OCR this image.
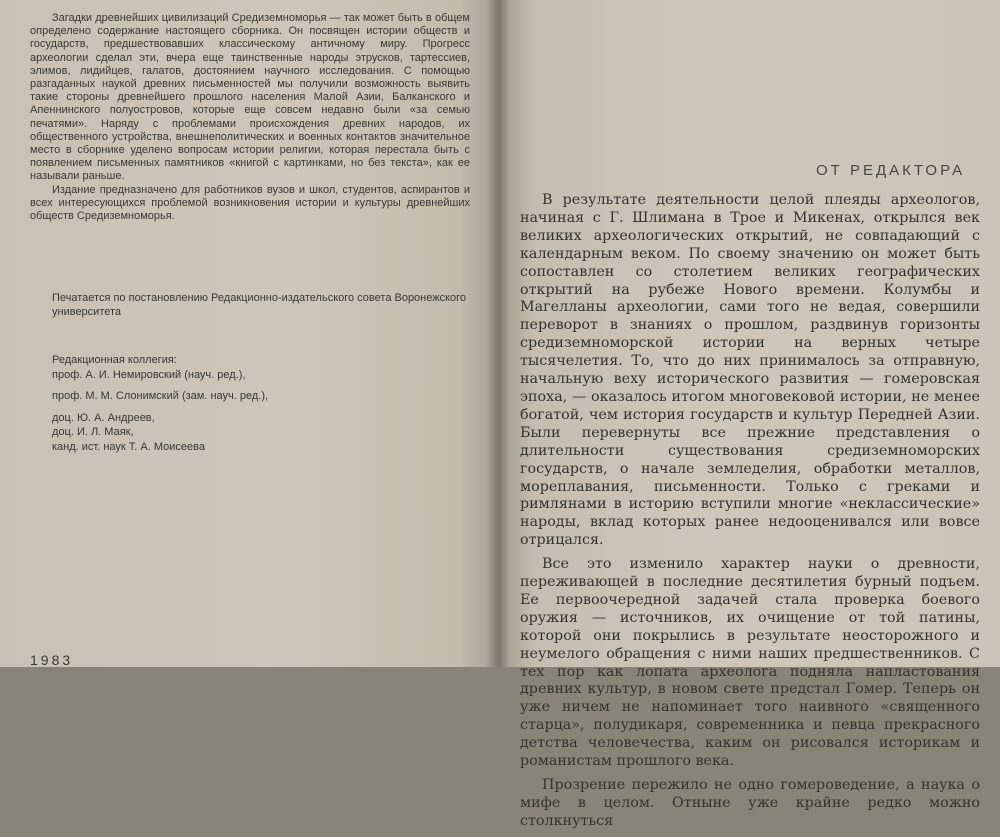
Загадки древнейших цивилизаций Средиземноморья — так может быть в общем определено содержание настоящего сборника. Он посвящен истории обществ и государств, предшествовавших классическому античному миру. Прогресс археологии сделал эти, вчера еще таинственные народы этрусков, тартессиев, элимов, лидийцев, галатов, достоянием научного исследования. С помощью разгаданных наукой древних письменностей мы получили возможность выявить такие стороны древнейшего прошлого населения Малой Азии, Балканского и Апеннинского полуостровов, которые еще совсем недавно были «за семью печатями». Наряду с проблемами происхождения древних народов, их общественного устройства, внешнеполитических и военных контактов значительное место в сборнике уделено вопросам истории религии, которая перестала быть с появлением письменных памятников «книгой с картинками, но без текста», как ее называли раньше.

Издание предназначено для работников вузов и школ, студентов, аспирантов и всех интересующихся проблемой возникновения истории и культуры древнейших обществ Средиземноморья.

Печатается по постановлению Редакционно-издательского совета Воронежского университета

Редакционная коллегия:
проф. А. И. Немировский (науч. ред.),
проф. М. М. Слонимский (зам. науч. ред.),
доц. Ю. А. Андреев,
доц. И. Л. Маяк,
канд. ист. наук Т. А. Моисеева
1983
ОТ РЕДАКТОРА

В результате деятельности целой плеяды археологов, начиная с Г. Шлимана в Трое и Микенах, открылся век великих археологических открытий, не совпадающий с календарным веком. По своему значению он может быть сопоставлен со столетием великих географических открытий на рубеже Нового времени. Колумбы и Магелланы археологии, сами того не ведая, совершили переворот в знаниях о прошлом, раздвинув горизонты средиземноморской истории на верных четыре тысячелетия. То, что до них принималось за отправную, начальную веху исторического развития — гомеровская эпоха, — оказалось итогом многовековой истории, не менее богатой, чем история государств и культур Передней Азии. Были перевернуты все прежние представления о длительности существования средиземноморских государств, о начале земледелия, обработки металлов, мореплавания, письменности. Только с греками и римлянами в историю вступили многие «неклассические» народы, вклад которых ранее недооценивался или вовсе отрицался.

Все это изменило характер науки о древности, переживающей в последние десятилетия бурный подъем. Ее первоочередной задачей стала проверка боевого оружия — источников, их очищение от той патины, которой они покрылись в результате неосторожного и неумелого обращения с ними наших предшественников. С тех пор как лопата археолога подняла напластования древних культур, в новом свете предстал Гомер. Теперь он уже ничем не напоминает того наивного «священного старца», полудикаря, современника и певца прекрасного детства человечества, каким он рисовался историкам и романистам прошлого века.

Прозрение пережило не одно гомероведение, а наука о мифе в целом. Отныне уже крайне редко можно столкнуться
